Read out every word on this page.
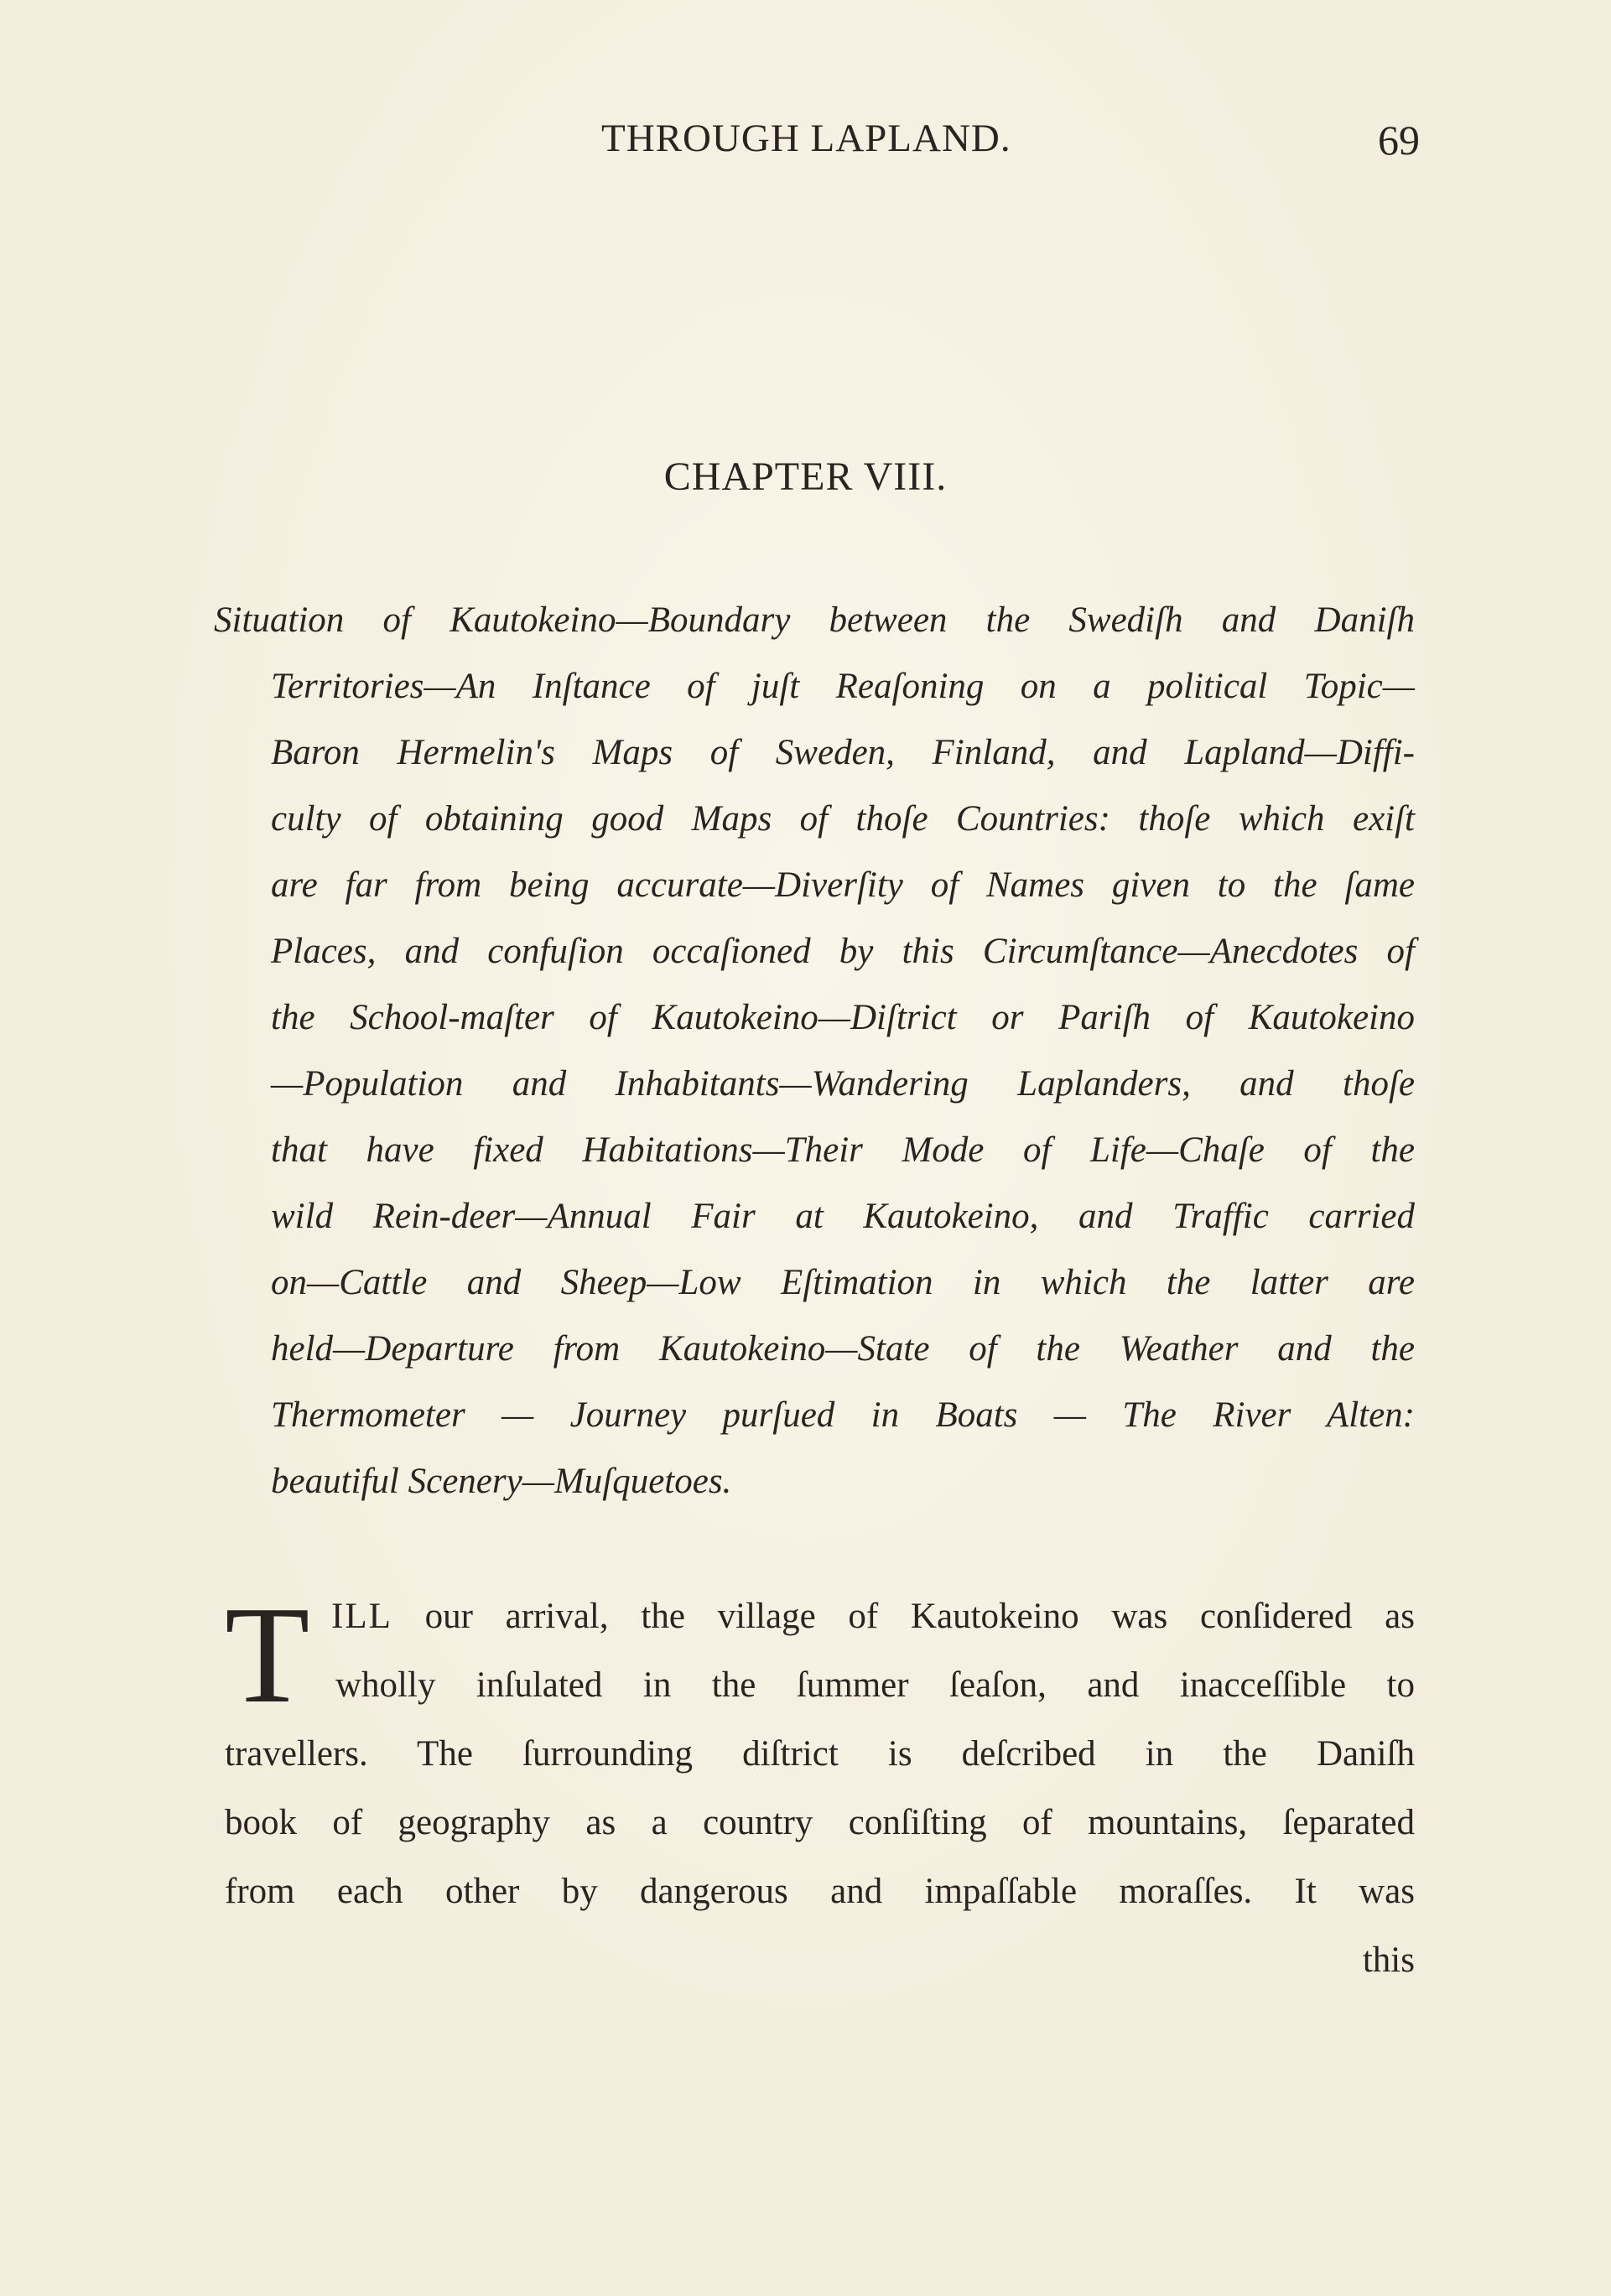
THROUGH LAPLAND.	69
CHAPTER VIII.
Situation of Kautokeino—Boundary between the Swediſh and Daniſh
Territories—An Inſtance of juſt Reaſoning on a political Topic—
Baron Hermelin's Maps of Sweden, Finland, and Lapland—Diffi-
culty of obtaining good Maps of thoſe Countries: thoſe which exiſt
are far from being accurate—Diverſity of Names given to the ſame
Places, and confuſion occaſioned by this Circumſtance—Anecdotes of
the School-maſter of Kautokeino—Diſtrict or Pariſh of Kautokeino
—Population and Inhabitants—Wandering Laplanders, and thoſe
that have fixed Habitations—Their Mode of Life—Chaſe of the
wild Rein-deer—Annual Fair at Kautokeino, and Traffic carried
on—Cattle and Sheep—Low Eſtimation in which the latter are
held—Departure from Kautokeino—State of the Weather and the
Thermometer — Journey purſued in Boats — The River Alten:
beautiful Scenery—Muſquetoes.
T ILL our arrival, the village of Kautokeino was conſidered as
wholly inſulated in the ſummer ſeaſon, and inacceſſible to
travellers. The ſurrounding diſtrict is deſcribed in the Daniſh
book of geography as a country conſiſting of mountains, ſeparated
from each other by dangerous and impaſſable moraſſes. It was
this
